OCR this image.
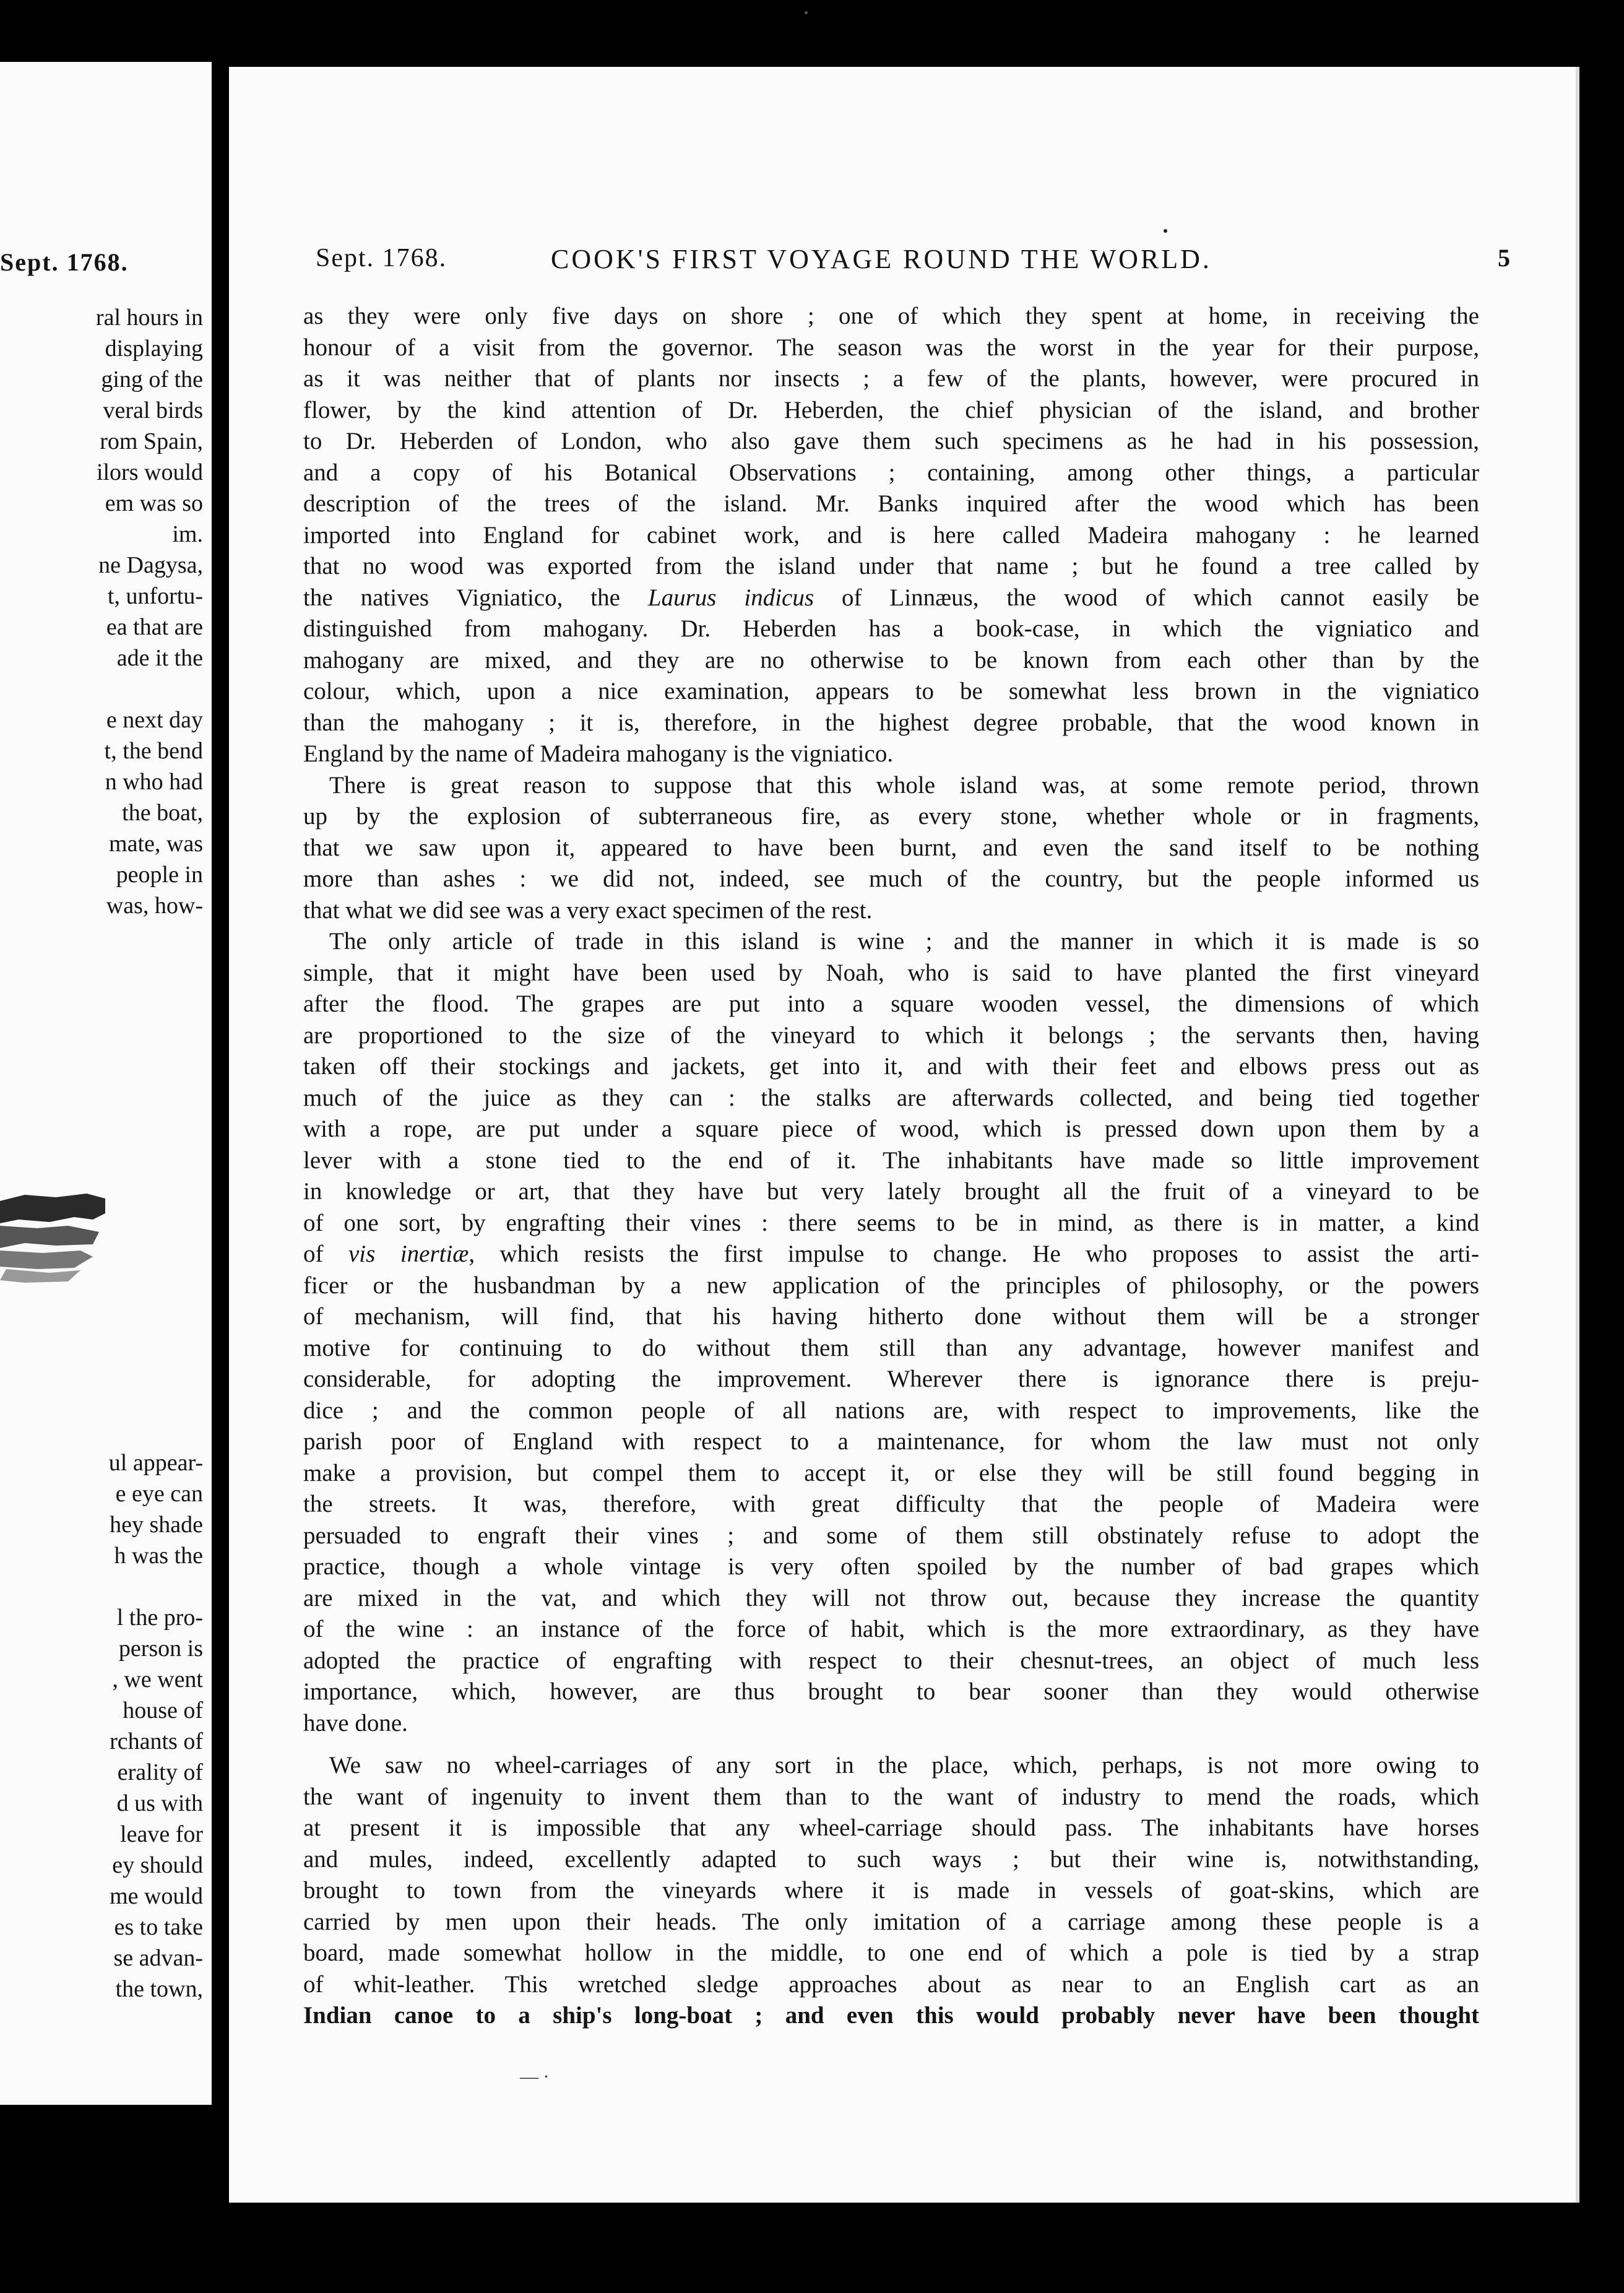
Sept. 1768.
ral hours in
displaying
ging of the
veral birds
rom Spain,
ilors would
em was so
im.
ne Dagysa,
t, unfortu-
ea that are
ade it the
e next day
t, the bend
n who had
the boat,
mate, was
people in
was, how-
ul appear-
e eye can
hey shade
h was the
l the pro-
person is
, we went
house of
rchants of
erality of
d us with
leave for
ey should
me would
es to take
se advan-
the town,
Sept. 1768.	COOK'S FIRST VOYAGE ROUND THE WORLD.	5
as they were only five days on shore ; one of which they spent at home, in receiving the
honour of a visit from the governor. The season was the worst in the year for their purpose,
as it was neither that of plants nor insects ; a few of the plants, however, were procured in
flower, by the kind attention of Dr. Heberden, the chief physician of the island, and brother
to Dr. Heberden of London, who also gave them such specimens as he had in his possession,
and a copy of his Botanical Observations ; containing, among other things, a particular
description of the trees of the island. Mr. Banks inquired after the wood which has been
imported into England for cabinet work, and is here called Madeira mahogany : he learned
that no wood was exported from the island under that name ; but he found a tree called by
the natives Vigniatico, the Laurus indicus of Linnæus, the wood of which cannot easily be
distinguished from mahogany. Dr. Heberden has a book-case, in which the vigniatico and
mahogany are mixed, and they are no otherwise to be known from each other than by the
colour, which, upon a nice examination, appears to be somewhat less brown in the vigniatico
than the mahogany ; it is, therefore, in the highest degree probable, that the wood known in
England by the name of Madeira mahogany is the vigniatico.
There is great reason to suppose that this whole island was, at some remote period, thrown
up by the explosion of subterraneous fire, as every stone, whether whole or in fragments,
that we saw upon it, appeared to have been burnt, and even the sand itself to be nothing
more than ashes : we did not, indeed, see much of the country, but the people informed us
that what we did see was a very exact specimen of the rest.
The only article of trade in this island is wine ; and the manner in which it is made is so
simple, that it might have been used by Noah, who is said to have planted the first vineyard
after the flood. The grapes are put into a square wooden vessel, the dimensions of which
are proportioned to the size of the vineyard to which it belongs ; the servants then, having
taken off their stockings and jackets, get into it, and with their feet and elbows press out as
much of the juice as they can : the stalks are afterwards collected, and being tied together
with a rope, are put under a square piece of wood, which is pressed down upon them by a
lever with a stone tied to the end of it. The inhabitants have made so little improvement
in knowledge or art, that they have but very lately brought all the fruit of a vineyard to be
of one sort, by engrafting their vines : there seems to be in mind, as there is in matter, a kind
of vis inertiæ, which resists the first impulse to change. He who proposes to assist the arti-
ficer or the husbandman by a new application of the principles of philosophy, or the powers
of mechanism, will find, that his having hitherto done without them will be a stronger
motive for continuing to do without them still than any advantage, however manifest and
considerable, for adopting the improvement. Wherever there is ignorance there is preju-
dice ; and the common people of all nations are, with respect to improvements, like the
parish poor of England with respect to a maintenance, for whom the law must not only
make a provision, but compel them to accept it, or else they will be still found begging in
the streets. It was, therefore, with great difficulty that the people of Madeira were
persuaded to engraft their vines ; and some of them still obstinately refuse to adopt the
practice, though a whole vintage is very often spoiled by the number of bad grapes which
are mixed in the vat, and which they will not throw out, because they increase the quantity
of the wine : an instance of the force of habit, which is the more extraordinary, as they have
adopted the practice of engrafting with respect to their chesnut-trees, an object of much less
importance, which, however, are thus brought to bear sooner than they would otherwise
have done.
We saw no wheel-carriages of any sort in the place, which, perhaps, is not more owing to
the want of ingenuity to invent them than to the want of industry to mend the roads, which
at present it is impossible that any wheel-carriage should pass. The inhabitants have horses
and mules, indeed, excellently adapted to such ways ; but their wine is, notwithstanding,
brought to town from the vineyards where it is made in vessels of goat-skins, which are
carried by men upon their heads. The only imitation of a carriage among these people is a
board, made somewhat hollow in the middle, to one end of which a pole is tied by a strap
of whit-leather. This wretched sledge approaches about as near to an English cart as an
Indian canoe to a ship's long-boat ; and even this would probably never have been thought
— ·
